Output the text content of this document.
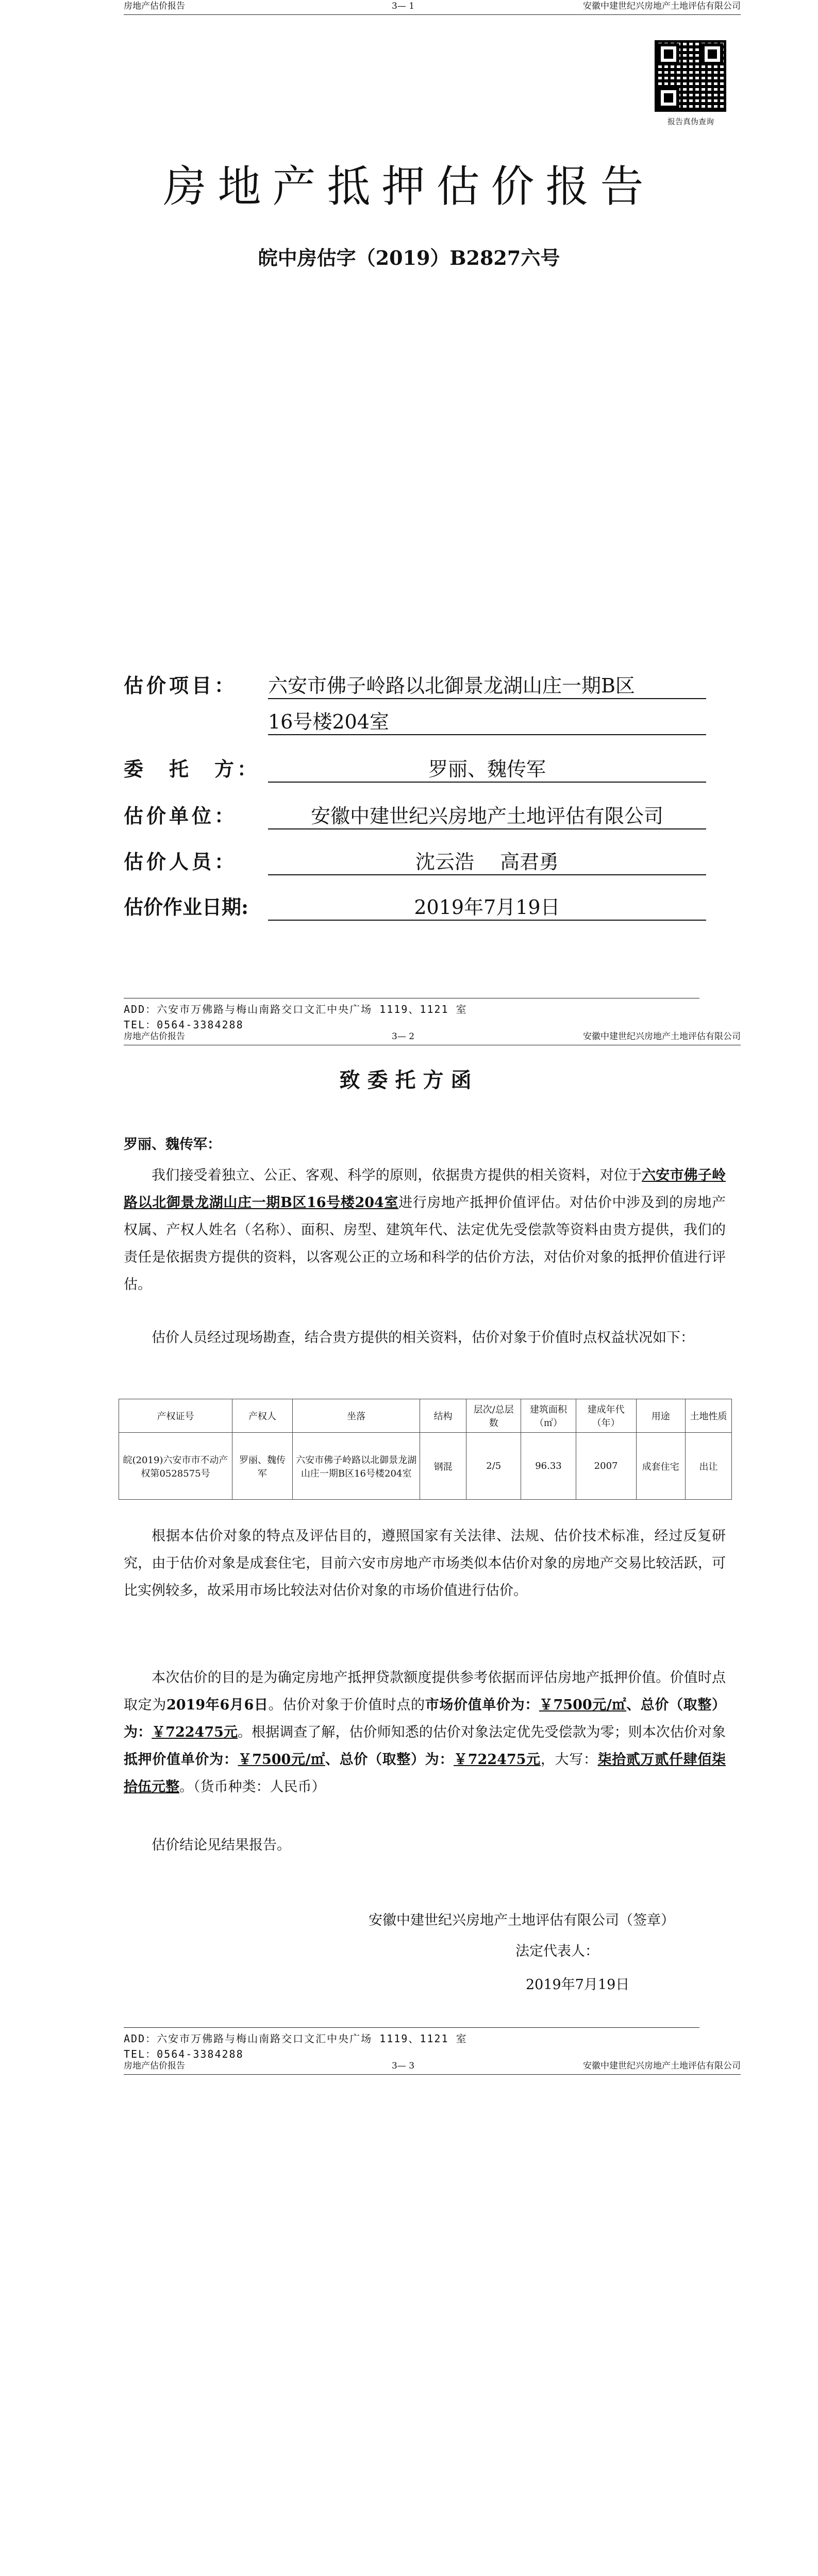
房地产估价报告	3— 1	安徽中建世纪兴房地产土地评估有限公司
报告真伪查询
房地产抵押估价报告
皖中房估字（2019）B2827六号
估价项目： 六安市佛子岭路以北御景龙湖山庄一期B区
16号楼204室
委　托　方：	罗丽、魏传军
估价单位：	安徽中建世纪兴房地产土地评估有限公司
估价人员：	沈云浩　 高君勇
估价作业日期:	2019年7月19日
ADD：六安市万佛路与梅山南路交口文汇中央广场 1119、1121 室
TEL：0564-3384288
房地产估价报告	3— 2	安徽中建世纪兴房地产土地评估有限公司
致委托方函
罗丽、魏传军：
我们接受着独立、公正、客观、科学的原则，依据贵方提供的相关资料，对位于六安市佛子岭路以北御景龙湖山庄一期B区16号楼204室进行房地产抵押价值评估。对估价中涉及到的房地产权属、产权人姓名（名称）、面积、房型、建筑年代、法定优先受偿款等资料由贵方提供，我们的责任是依据贵方提供的资料，以客观公正的立场和科学的估价方法，对估价对象的抵押价值进行评估。
估价人员经过现场勘查，结合贵方提供的相关资料，估价对象于价值时点权益状况如下：
产权证号	产权人	坐落	结构	层次/总层数	建筑面积（㎡）	建成年代（年）	用途	土地性质
皖(2019)六安市市不动产权第0528575号	罗丽、魏传军	六安市佛子岭路以北御景龙湖山庄一期B区16号楼204室	钢混	2/5	96.33	2007	成套住宅	出让
根据本估价对象的特点及评估目的，遵照国家有关法律、法规、估价技术标准，经过反复研究，由于估价对象是成套住宅，目前六安市房地产市场类似本估价对象的房地产交易比较活跃，可比实例较多，故采用市场比较法对估价对象的市场价值进行估价。
本次估价的目的是为确定房地产抵押贷款额度提供参考依据而评估房地产抵押价值。价值时点取定为2019年6月6日。估价对象于价值时点的市场价值单价为：￥7500元/㎡、总价（取整）为：￥722475元。根据调查了解，估价师知悉的估价对象法定优先受偿款为零；则本次估价对象抵押价值单价为：￥7500元/㎡、总价（取整）为：￥722475元，大写：柒拾贰万贰仟肆佰柒拾伍元整。（货币种类：人民币）
估价结论见结果报告。
安徽中建世纪兴房地产土地评估有限公司（签章）
法定代表人：
2019年7月19日
ADD：六安市万佛路与梅山南路交口文汇中央广场 1119、1121 室
TEL：0564-3384288
房地产估价报告	3— 3	安徽中建世纪兴房地产土地评估有限公司
